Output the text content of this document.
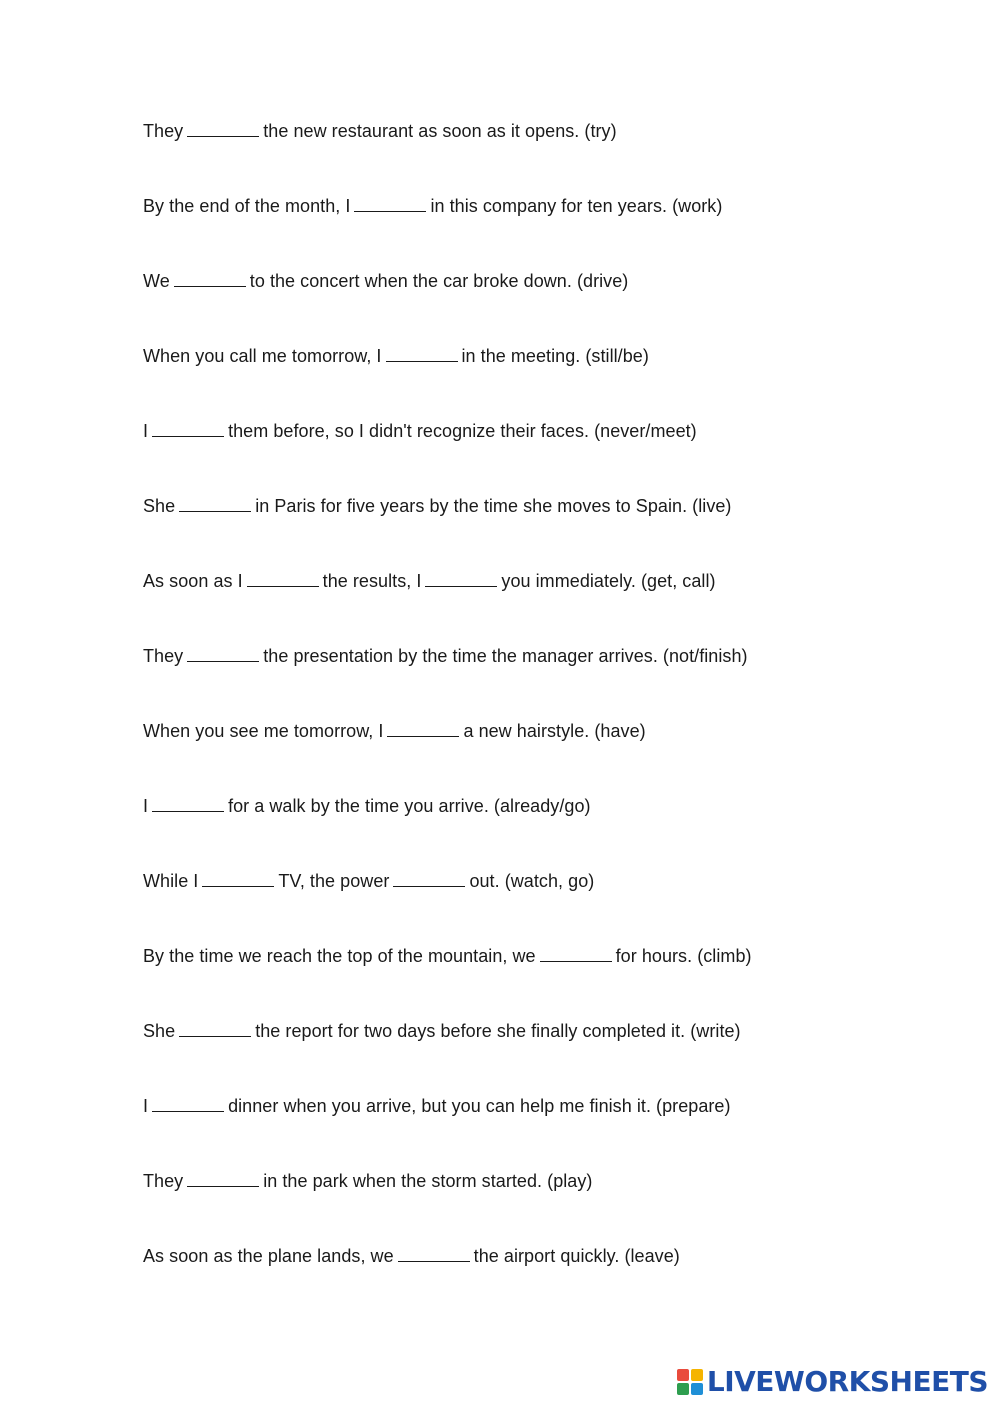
They	the new restaurant as soon as it opens. (try)
By the end of the month, I	in this company for ten years. (work)
We	to the concert when the car broke down. (drive)
When you call me tomorrow, I	in the meeting. (still/be)
I	them before, so I didn't recognize their faces. (never/meet)
She	in Paris for five years by the time she moves to Spain. (live)
As soon as I	the results, I	you immediately. (get, call)
They	the presentation by the time the manager arrives. (not/finish)
When you see me tomorrow, I	a new hairstyle. (have)
I	for a walk by the time you arrive. (already/go)
While I	TV, the power	out. (watch, go)
By the time we reach the top of the mountain, we	for hours. (climb)
She	the report for two days before she finally completed it. (write)
I	dinner when you arrive, but you can help me finish it. (prepare)
They	in the park when the storm started. (play)
As soon as the plane lands, we	the airport quickly. (leave)
LIVEWORKSHEETS
